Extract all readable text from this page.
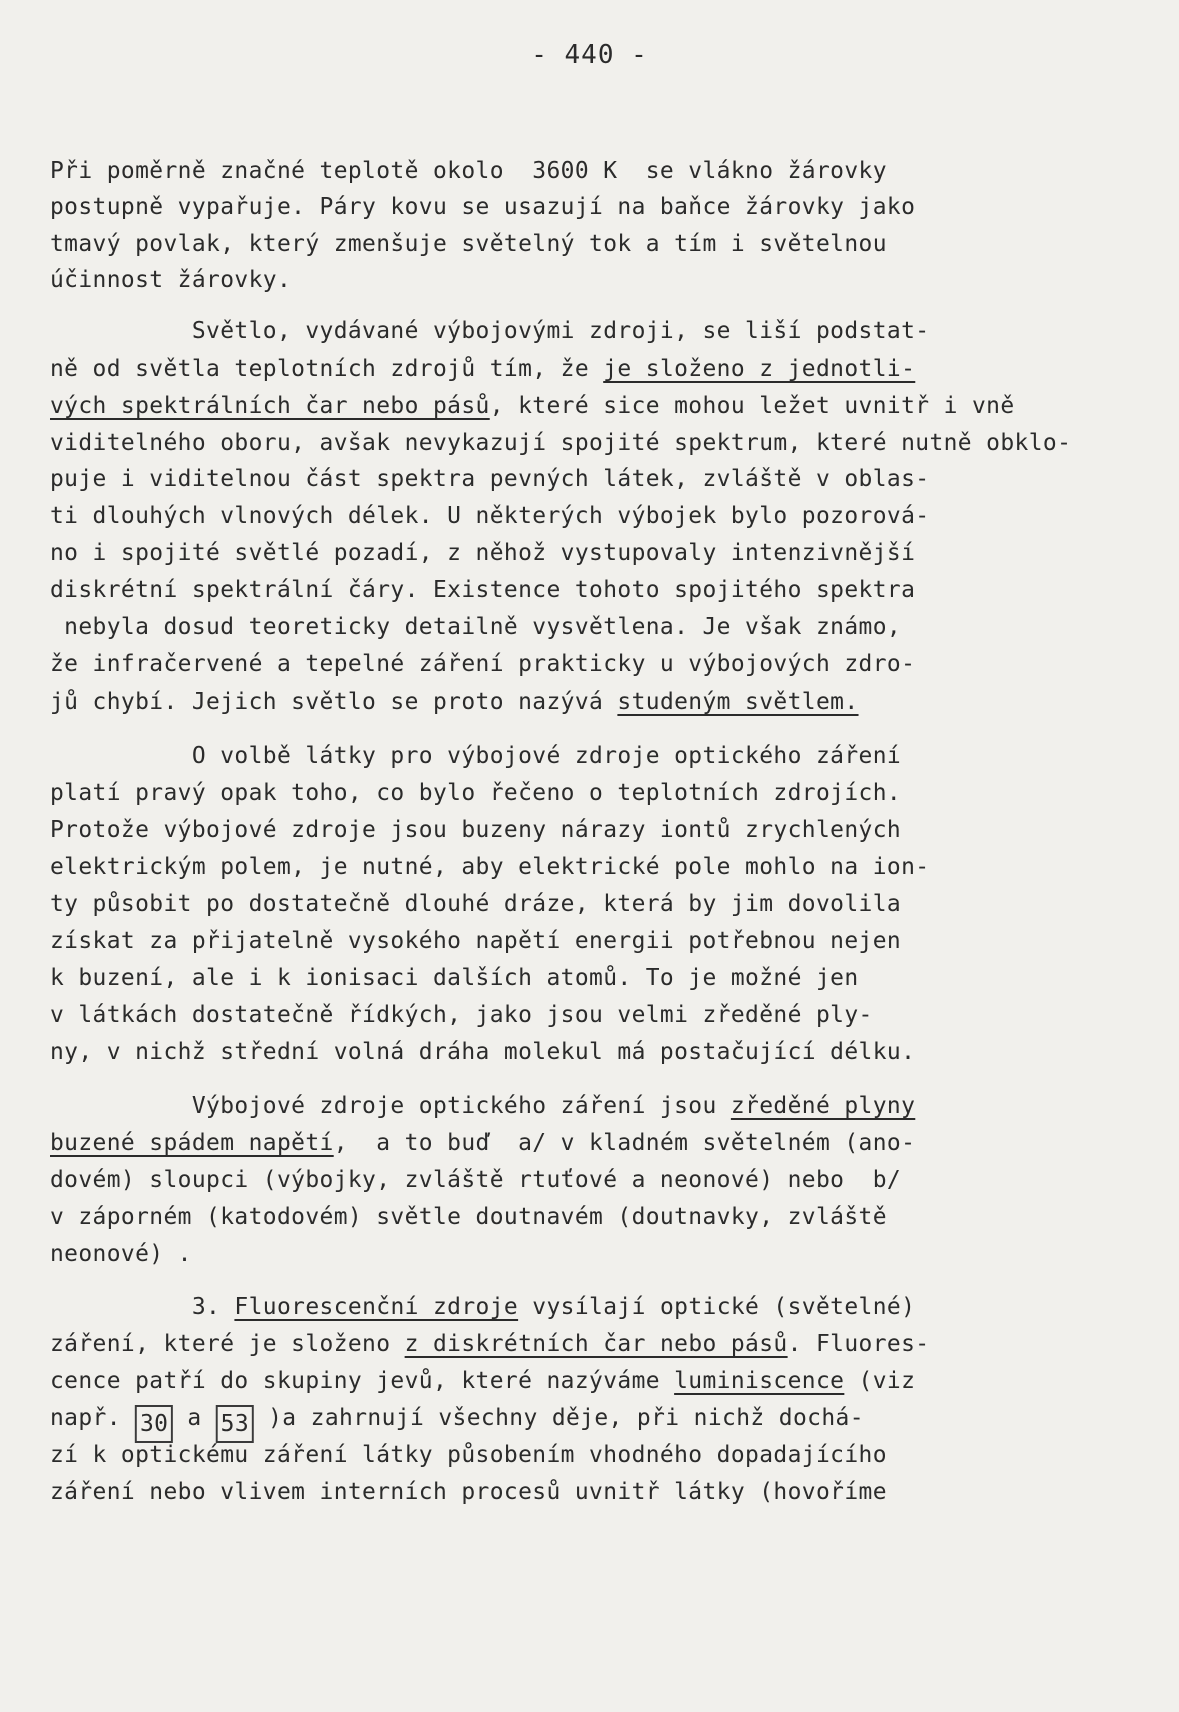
- 440 -
Při poměrně značné teplotě okolo  3600 K  se vlákno žárovky
postupně vypařuje. Páry kovu se usazují na baňce žárovky jako
tmavý povlak, který zmenšuje světelný tok a tím i světelnou
účinnost žárovky.
Světlo, vydávané výbojovými zdroji, se liší podstat-
ně od světla teplotních zdrojů tím, že je složeno z jednotli-
vých spektrálních čar nebo pásů, které sice mohou ležet uvnitř i vně
viditelného oboru, avšak nevykazují spojité spektrum, které nutně obklo-
puje i viditelnou část spektra pevných látek, zvláště v oblas-
ti dlouhých vlnových délek. U některých výbojek bylo pozorová-
no i spojité světlé pozadí, z něhož vystupovaly intenzivnější
diskrétní spektrální čáry. Existence tohoto spojitého spektra
nebyla dosud teoreticky detailně vysvětlena. Je však známo,
že infračervené a tepelné záření prakticky u výbojových zdro-
jů chybí. Jejich světlo se proto nazývá studeným světlem.
O volbě látky pro výbojové zdroje optického záření
platí pravý opak toho, co bylo řečeno o teplotních zdrojích.
Protože výbojové zdroje jsou buzeny nárazy iontů zrychlených
elektrickým polem, je nutné, aby elektrické pole mohlo na ion-
ty působit po dostatečně dlouhé dráze, která by jim dovolila
získat za přijatelně vysokého napětí energii potřebnou nejen
k buzení, ale i k ionisaci dalších atomů. To je možné jen
v látkách dostatečně řídkých, jako jsou velmi zředěné ply-
ny, v nichž střední volná dráha molekul má postačující délku.
Výbojové zdroje optického záření jsou zředěné plyny
buzené spádem napětí,  a to buď  a/ v kladném světelném (ano-
dovém) sloupci (výbojky, zvláště rtuťové a neonové) nebo  b/
v záporném (katodovém) světle doutnavém (doutnavky, zvláště
neonové) .
3. Fluorescenční zdroje vysílají optické (světelné)
záření, které je složeno z diskrétních čar nebo pásů. Fluores-
cence patří do skupiny jevů, které nazýváme luminiscence (viz
např. 30 a 53 )a zahrnují všechny děje, při nichž dochá-
zí k optickému záření látky působením vhodného dopadajícího
záření nebo vlivem interních procesů uvnitř látky (hovoříme
